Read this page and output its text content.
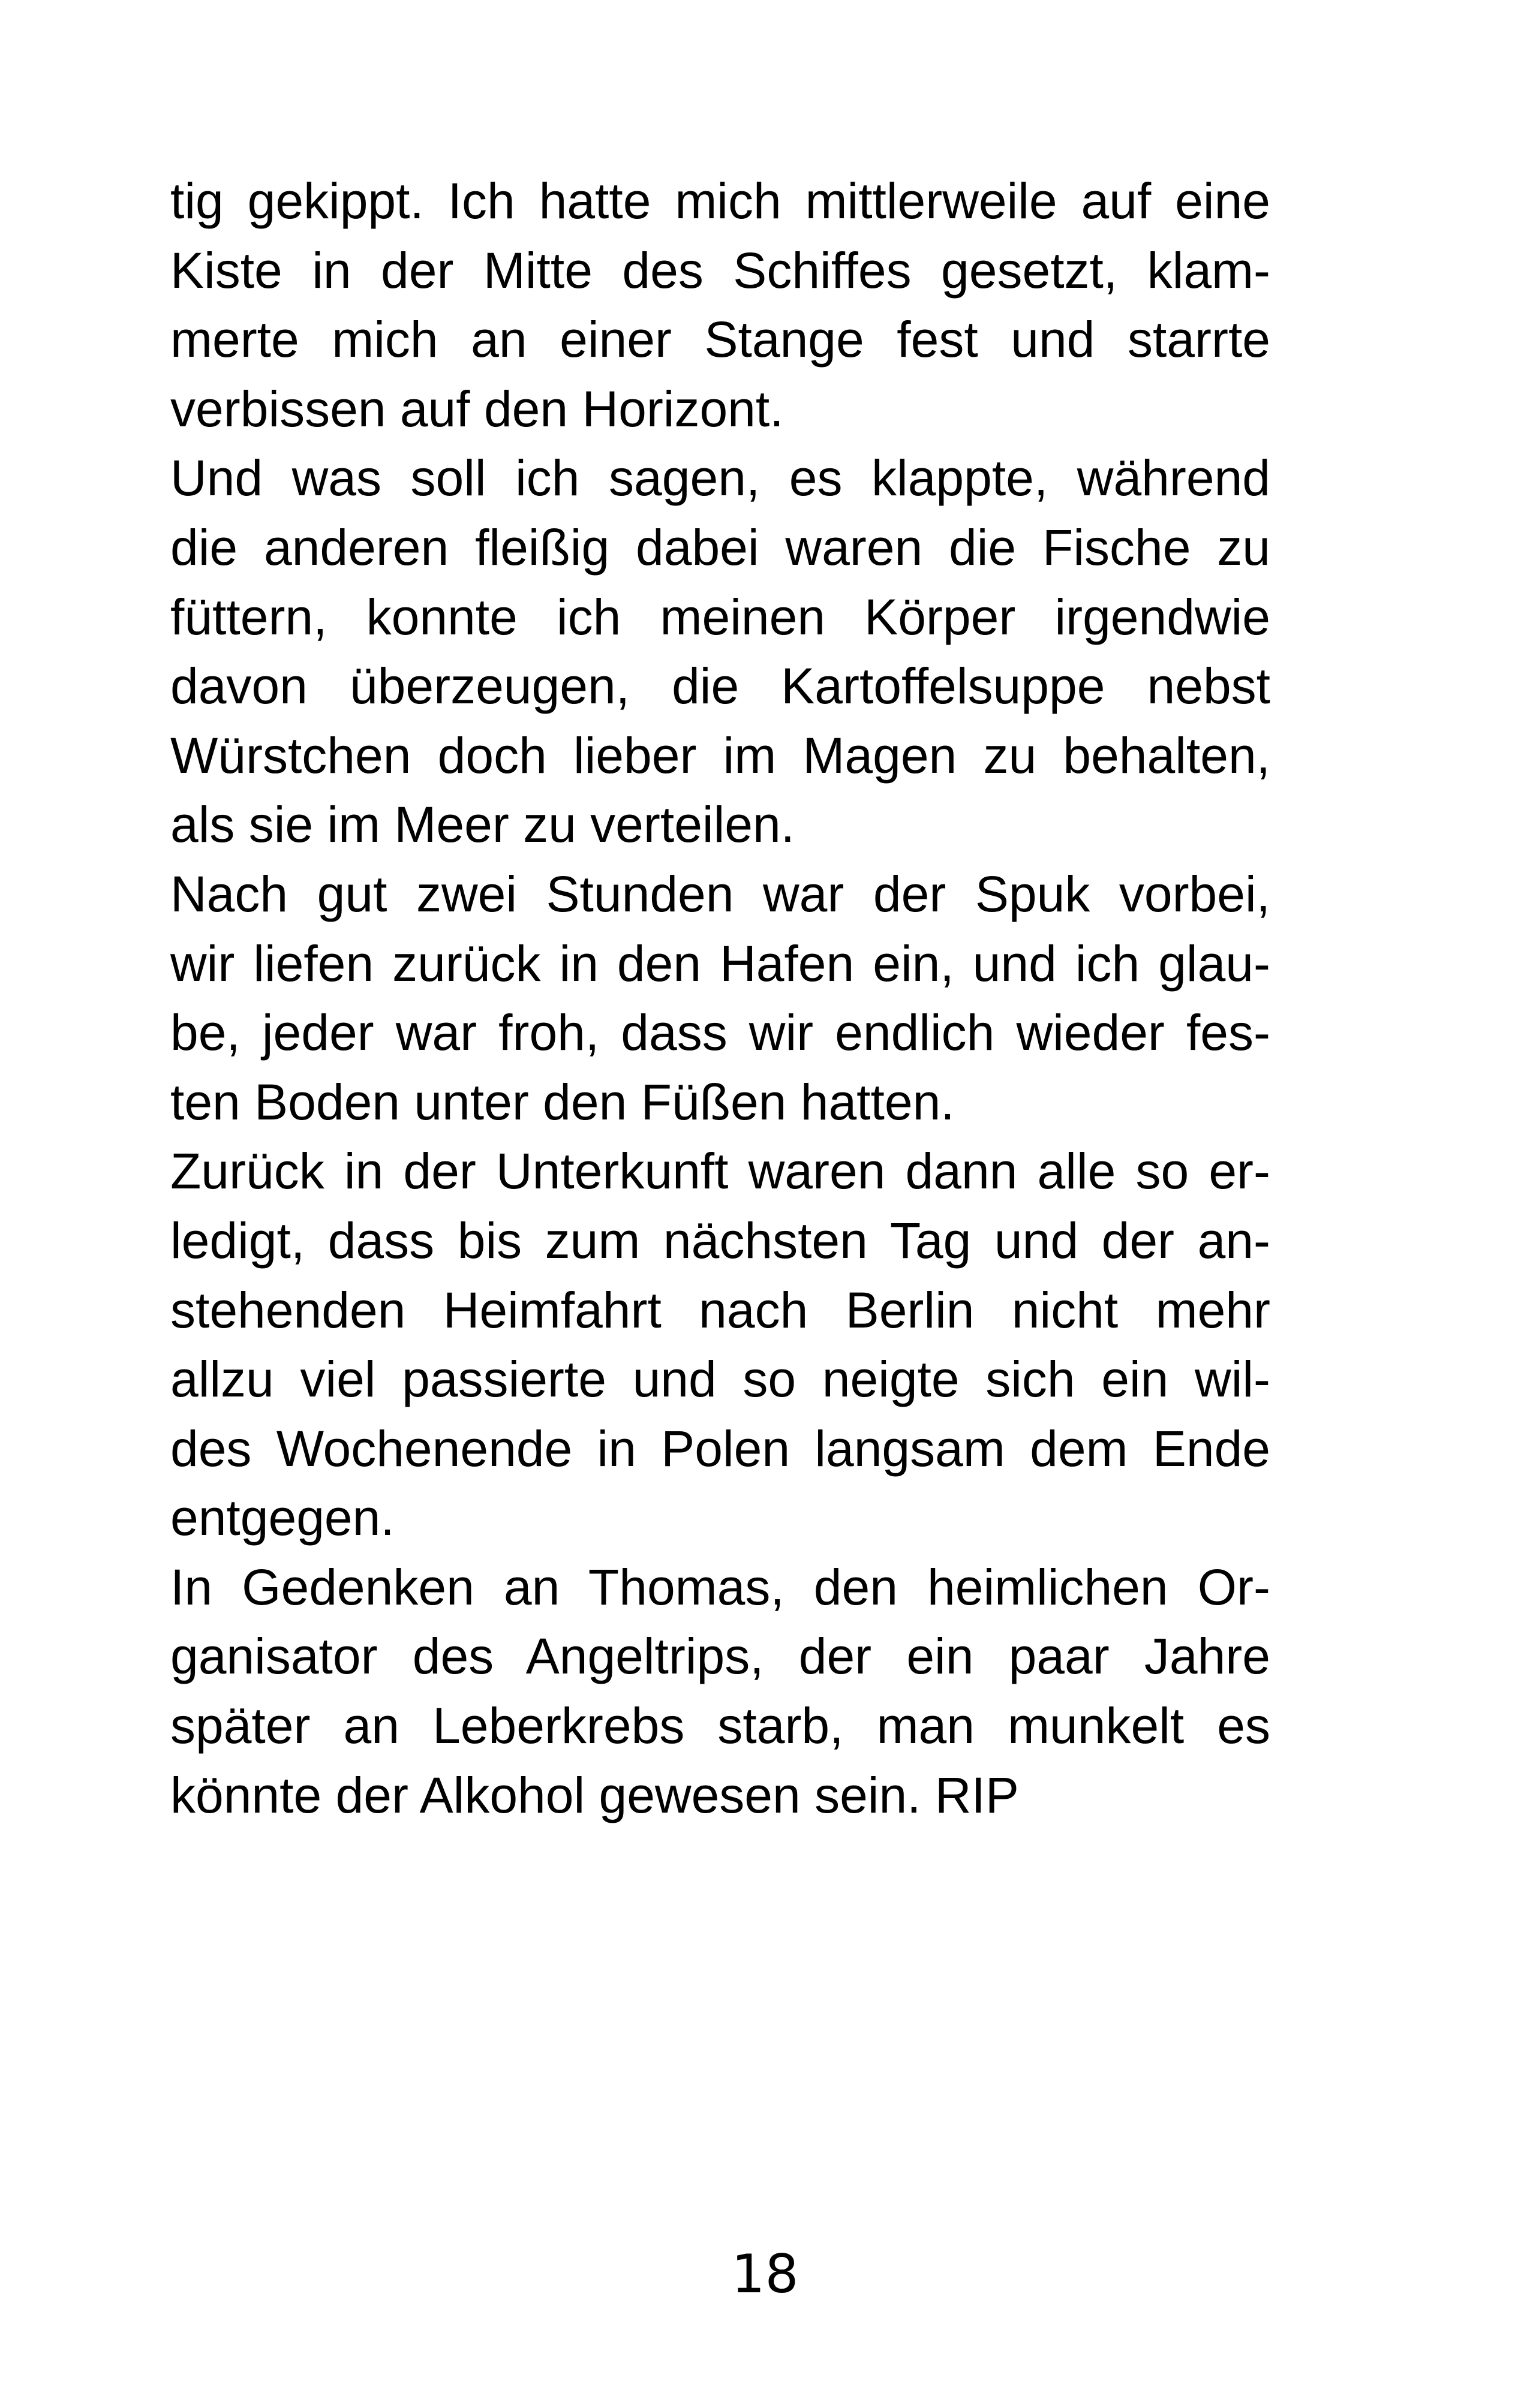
tig gekippt. Ich hatte mich mittlerweile auf eine
Kiste in der Mitte des Schiffes gesetzt, klam-
merte mich an einer Stange fest und starrte
verbissen auf den Horizont.
Und was soll ich sagen, es klappte, während
die anderen fleißig dabei waren die Fische zu
füttern, konnte ich meinen Körper irgendwie
davon überzeugen, die Kartoffelsuppe nebst
Würstchen doch lieber im Magen zu behalten,
als sie im Meer zu verteilen.
Nach gut zwei Stunden war der Spuk vorbei,
wir liefen zurück in den Hafen ein, und ich glau-
be, jeder war froh, dass wir endlich wieder fes-
ten Boden unter den Füßen hatten.
Zurück in der Unterkunft waren dann alle so er-
ledigt, dass bis zum nächsten Tag und der an-
stehenden Heimfahrt nach Berlin nicht mehr
allzu viel passierte und so neigte sich ein wil-
des Wochenende in Polen langsam dem Ende
entgegen.
In Gedenken an Thomas, den heimlichen Or-
ganisator des Angeltrips, der ein paar Jahre
später an Leberkrebs starb, man munkelt es
könnte der Alkohol gewesen sein. RIP
18
